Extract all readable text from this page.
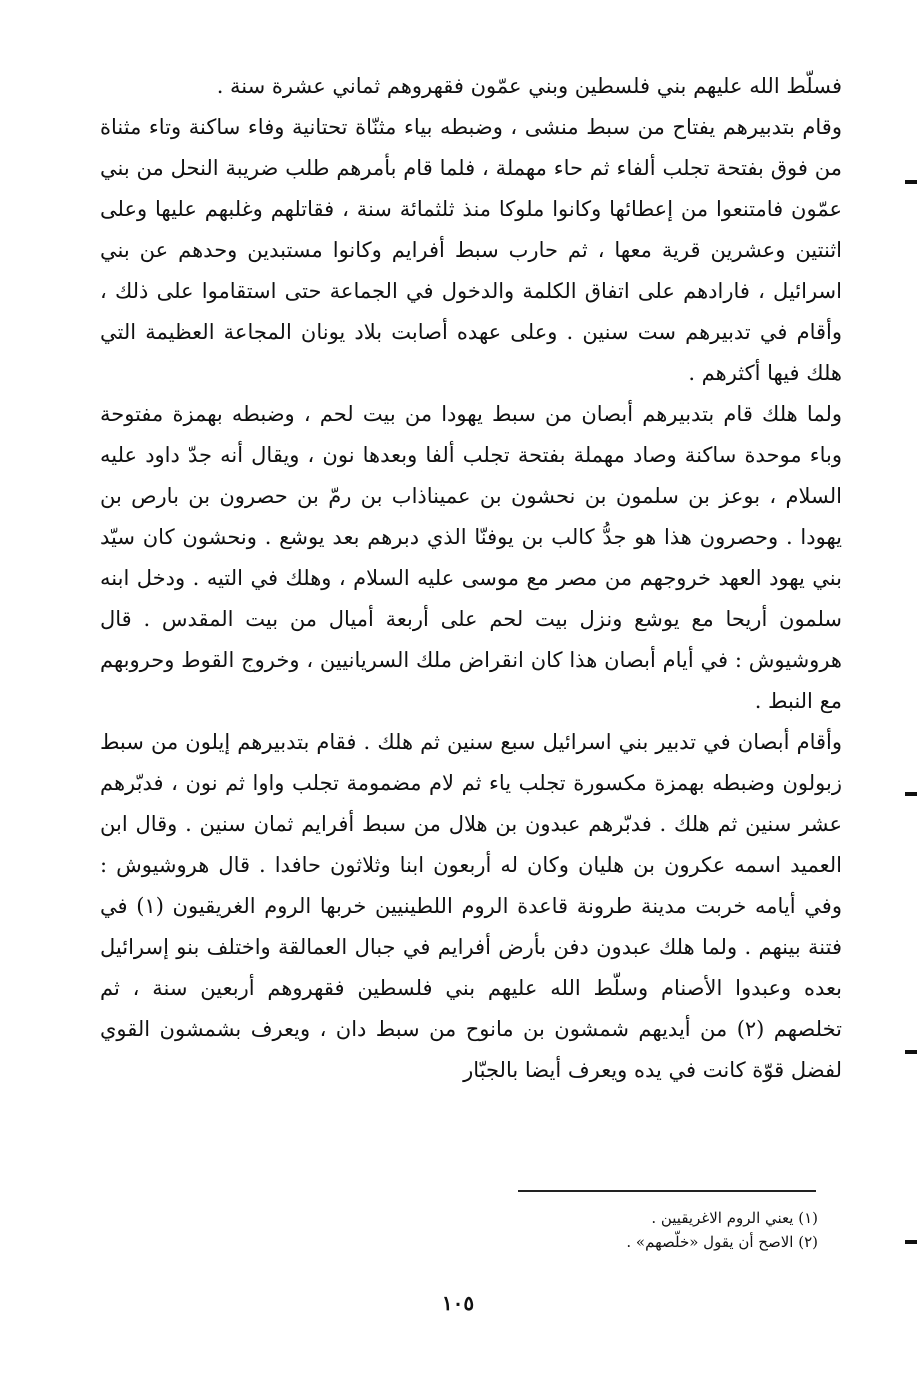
فسلّط الله عليهم بني فلسطين وبني عمّون فقهروهم ثماني عشرة سنة .

وقام بتدبيرهم يفتاح من سبط منشى ، وضبطه بياء مثنّاة تحتانية وفاء ساكنة وتاء مثناة من فوق بفتحة تجلب ألفاء ثم حاء مهملة ، فلما قام بأمرهم طلب ضريبة النحل من بني عمّون فامتنعوا من إعطائها وكانوا ملوكا منذ ثلثمائة سنة ، فقاتلهم وغلبهم عليها وعلى اثنتين وعشرين قرية معها ، ثم حارب سبط أفرايم وكانوا مستبدين وحدهم عن بني اسرائيل ، فارادهم على اتفاق الكلمة والدخول في الجماعة حتى استقاموا على ذلك ، وأقام في تدبيرهم ست سنين . وعلى عهده أصابت بلاد يونان المجاعة العظيمة التي هلك فيها أكثرهم .

ولما هلك قام بتدبيرهم أبصان من سبط يهودا من بيت لحم ، وضبطه بهمزة مفتوحة وباء موحدة ساكنة وصاد مهملة بفتحة تجلب ألفا وبعدها نون ، ويقال أنه جدّ داود عليه السلام ، بوعز بن سلمون بن نحشون بن عميناذاب بن رمّ بن حصرون بن بارص بن يهودا . وحصرون هذا هو جدُّ كالب بن يوفنّا الذي دبرهم بعد يوشع . ونحشون كان سيّد بني يهود العهد خروجهم من مصر مع موسى عليه السلام ، وهلك في التيه . ودخل ابنه سلمون أريحا مع يوشع ونزل بيت لحم على أربعة أميال من بيت المقدس . قال هروشيوش : في أيام أبصان هذا كان انقراض ملك السريانيين ، وخروج القوط وحروبهم مع النبط .

وأقام أبصان في تدبير بني اسرائيل سبع سنين ثم هلك . فقام بتدبيرهم إيلون من سبط زبولون وضبطه بهمزة مكسورة تجلب ياء ثم لام مضمومة تجلب واوا ثم نون ، فدبّرهم عشر سنين ثم هلك . فدبّرهم عبدون بن هلال من سبط أفرايم ثمان سنين . وقال ابن العميد اسمه عكرون بن هليان وكان له أربعون ابنا وثلاثون حافدا . قال هروشيوش : وفي أيامه خربت مدينة طرونة قاعدة الروم اللطينيين خربها الروم الغريقيون (١) في فتنة بينهم . ولما هلك عبدون دفن بأرض أفرايم في جبال العمالقة واختلف بنو إسرائيل بعده وعبدوا الأصنام وسلّط الله عليهم بني فلسطين فقهروهم أربعين سنة ، ثم تخلصهم (٢) من أيديهم شمشون بن مانوح من سبط دان ، ويعرف بشمشون القوي لفضل قوّة كانت في يده ويعرف أيضا بالجبّار

(١) يعني الروم الاغريقيين .
(٢) الاصح أن يقول «خلّصهم» .
١٠٥
